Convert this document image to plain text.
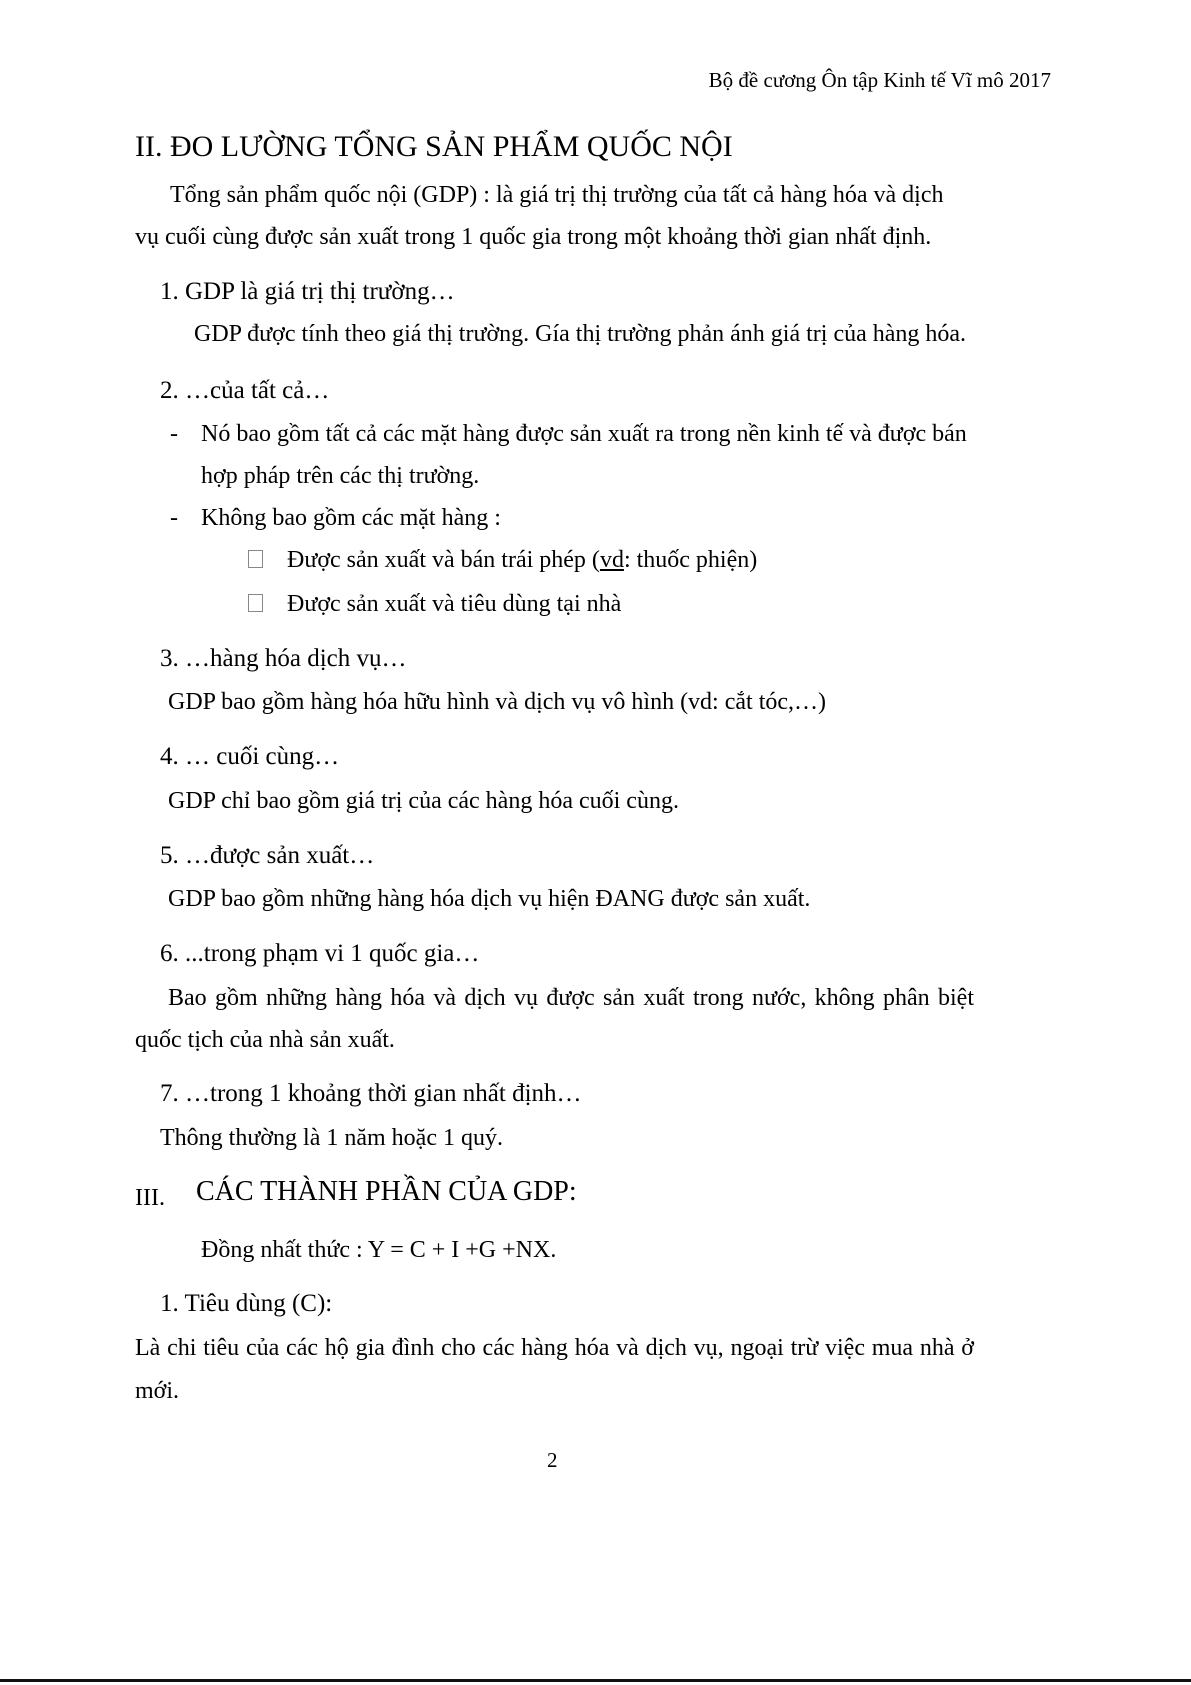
Bộ đề cương Ôn tập Kinh tế Vĩ mô 2017
II. ĐO LƯỜNG TỔNG SẢN PHẨM QUỐC NỘI
Tổng sản phẩm quốc nội (GDP) : là giá trị thị trường của tất cả hàng hóa và dịch
vụ cuối cùng được sản xuất trong 1 quốc gia trong một khoảng thời gian nhất định.
1. GDP là giá trị thị trường…
GDP được tính theo giá thị trường. Gía thị trường phản ánh giá trị của hàng hóa.
2. …của tất cả…
- Nó bao gồm tất cả các mặt hàng được sản xuất ra trong nền kinh tế và được bán
hợp pháp trên các thị trường.
- Không bao gồm các mặt hàng :
Được sản xuất và bán trái phép (vd: thuốc phiện)
Được sản xuất và tiêu dùng tại nhà
3. …hàng hóa dịch vụ…
GDP bao gồm hàng hóa hữu hình và dịch vụ vô hình (vd: cắt tóc,…)
4. … cuối cùng…
GDP chỉ bao gồm giá trị của các hàng hóa cuối cùng.
5. …được sản xuất…
GDP bao gồm những hàng hóa dịch vụ hiện ĐANG được sản xuất.
6. ...trong phạm vi 1 quốc gia…
Bao gồm những hàng hóa và dịch vụ được sản xuất trong nước, không phân biệt
quốc tịch của nhà sản xuất.
7. …trong 1 khoảng thời gian nhất định…
Thông thường là 1 năm hoặc 1 quý.
III. CÁC THÀNH PHẦN CỦA GDP:
Đồng nhất thức : Y = C + I +G +NX.
1. Tiêu dùng (C):
Là chi tiêu của các hộ gia đình cho các hàng hóa và dịch vụ, ngoại trừ việc mua nhà ở
mới.
2
